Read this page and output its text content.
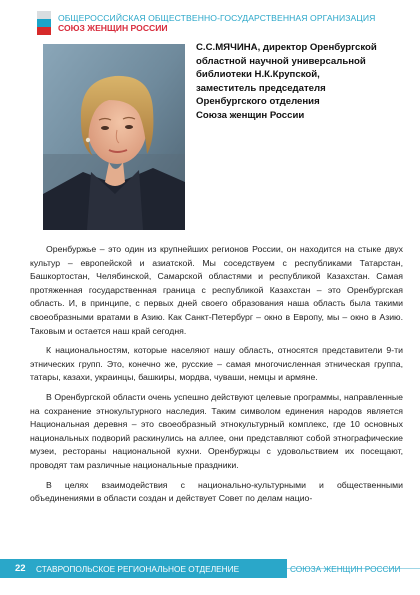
ОБЩЕРОССИЙСКАЯ ОБЩЕСТВЕННО-ГОСУДАРСТВЕННАЯ ОРГАНИЗАЦИЯ
СОЮЗ ЖЕНЩИН РОССИИ
С.С.МЯЧИНА, директор Оренбургской
областной научной универсальной
библиотеки Н.К.Крупской,
заместитель председателя
Оренбургского отделения
Союза женщин России

Оренбуржье – это один из крупнейших регионов России, он находится на стыке двух культур – европейской и азиатской. Мы соседствуем с республиками Татарстан, Башкортостан, Челябинской, Самарской областями и республикой Казахстан. Самая протяженная государственная граница с республикой Казахстан – это Оренбургская область. И, в принципе, с первых дней своего образования наша область была такими своеобразными вратами в Азию. Как Санкт-Петербург – окно в Европу, мы – окно в Азию. Таковым и остается наш край сегодня.

К национальностям, которые населяют нашу область, относятся представители 9-ти этнических групп. Это, конечно же, русские – самая многочисленная этническая группа, татары, казахи, украинцы, башкиры, мордва, чуваши, немцы и армяне.

В Оренбургской области очень успешно действуют целевые программы, направленные на сохранение этнокультурного наследия. Таким символом единения народов является Национальная деревня – это своеобразный этнокультурный комплекс, где 10 основных национальных подворий раскинулись на аллее, они представляют собой этнографические музеи, рестораны национальной кухни. Оренбуржцы с удовольствием их посещают, проводят там различные национальные праздники.

В целях взаимодействия с национально-культурными и общественными объединениями в области создан и действует Совет по делам нацио-

22 СТАВРОПОЛЬСКОЕ РЕГИОНАЛЬНОЕ ОТДЕЛЕНИЕ	СОЮЗА ЖЕНЩИН РОССИИ
